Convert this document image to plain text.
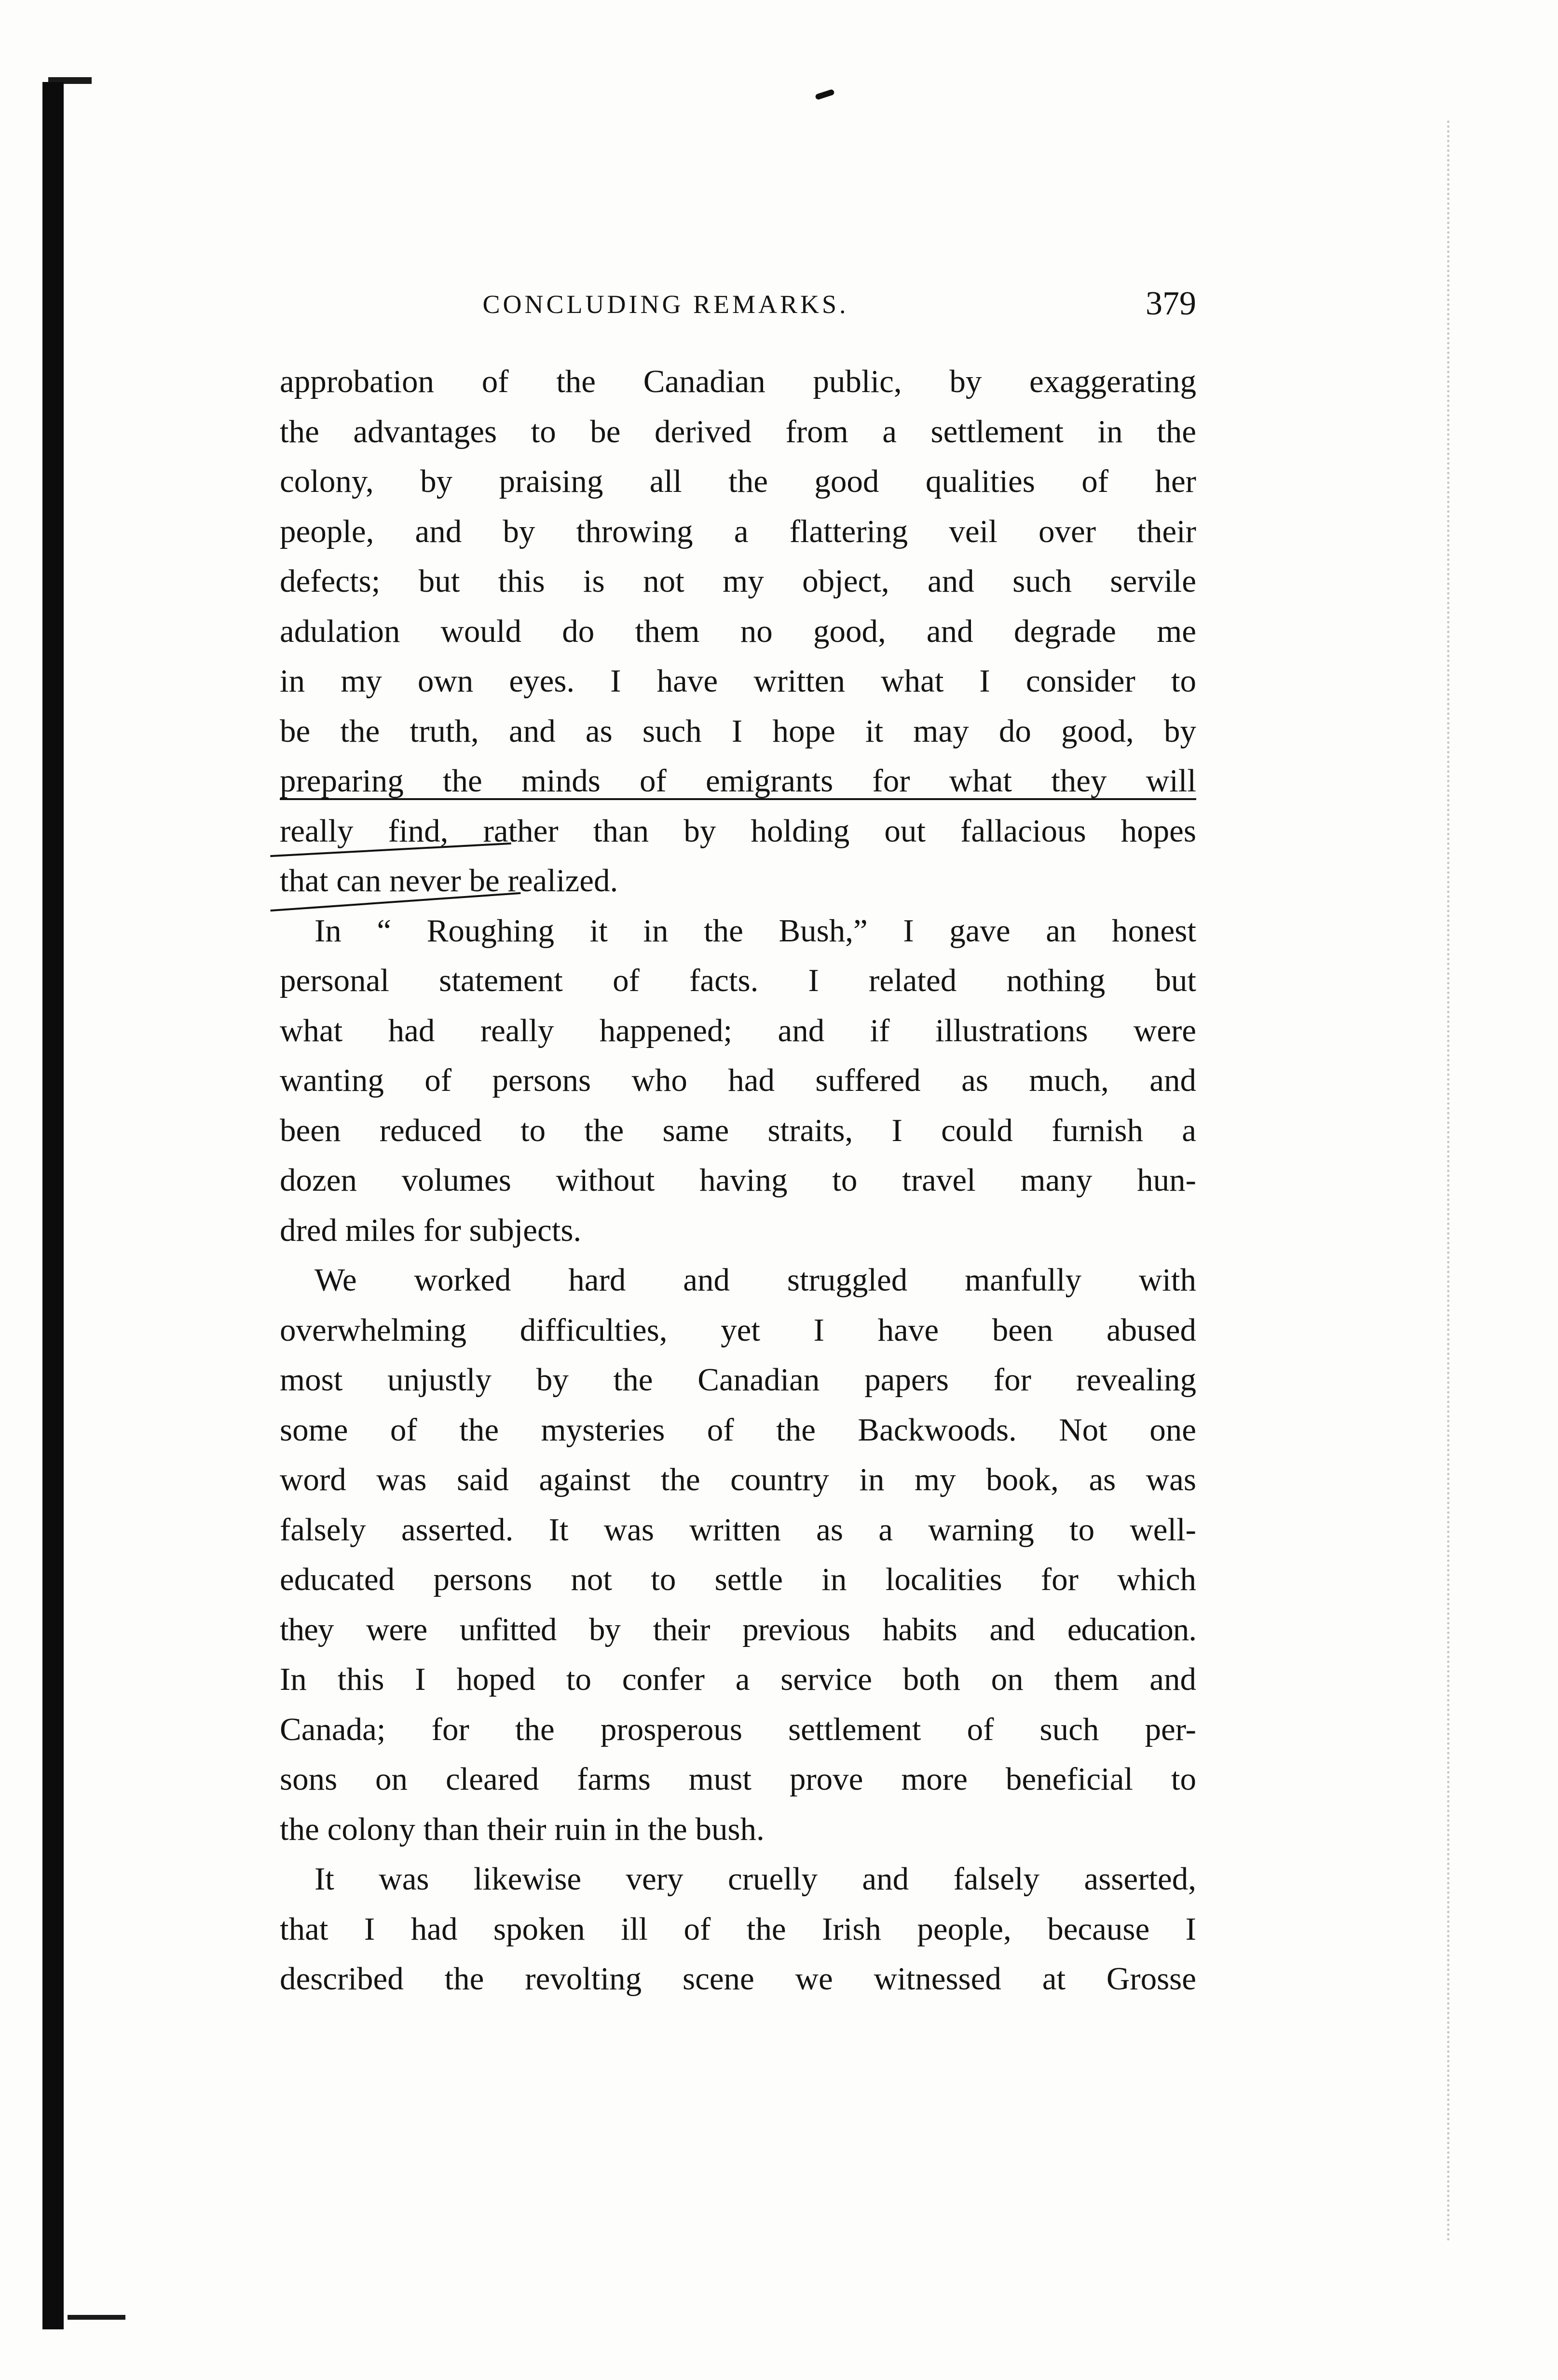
CONCLUDING REMARKS.	379
approbation of the Canadian public, by exaggerating
the advantages to be derived from a settlement in the
colony, by praising all the good qualities of her
people, and by throwing a flattering veil over their
defects; but this is not my object, and such servile
adulation would do them no good, and degrade me
in my own eyes. I have written what I consider to
be the truth, and as such I hope it may do good, by
preparing the minds of emigrants for what they will
really find, rather than by holding out fallacious hopes
that can never be realized.
In “ Roughing it in the Bush,” I gave an honest
personal statement of facts. I related nothing but
what had really happened; and if illustrations were
wanting of persons who had suffered as much, and
been reduced to the same straits, I could furnish a
dozen volumes without having to travel many hun-
dred miles for subjects.
We worked hard and struggled manfully with
overwhelming difficulties, yet I have been abused
most unjustly by the Canadian papers for revealing
some of the mysteries of the Backwoods. Not one
word was said against the country in my book, as was
falsely asserted. It was written as a warning to well-
educated persons not to settle in localities for which
they were unfitted by their previous habits and education.
In this I hoped to confer a service both on them and
Canada; for the prosperous settlement of such per-
sons on cleared farms must prove more beneficial to
the colony than their ruin in the bush.
It was likewise very cruelly and falsely asserted,
that I had spoken ill of the Irish people, because I
described the revolting scene we witnessed at Grosse
